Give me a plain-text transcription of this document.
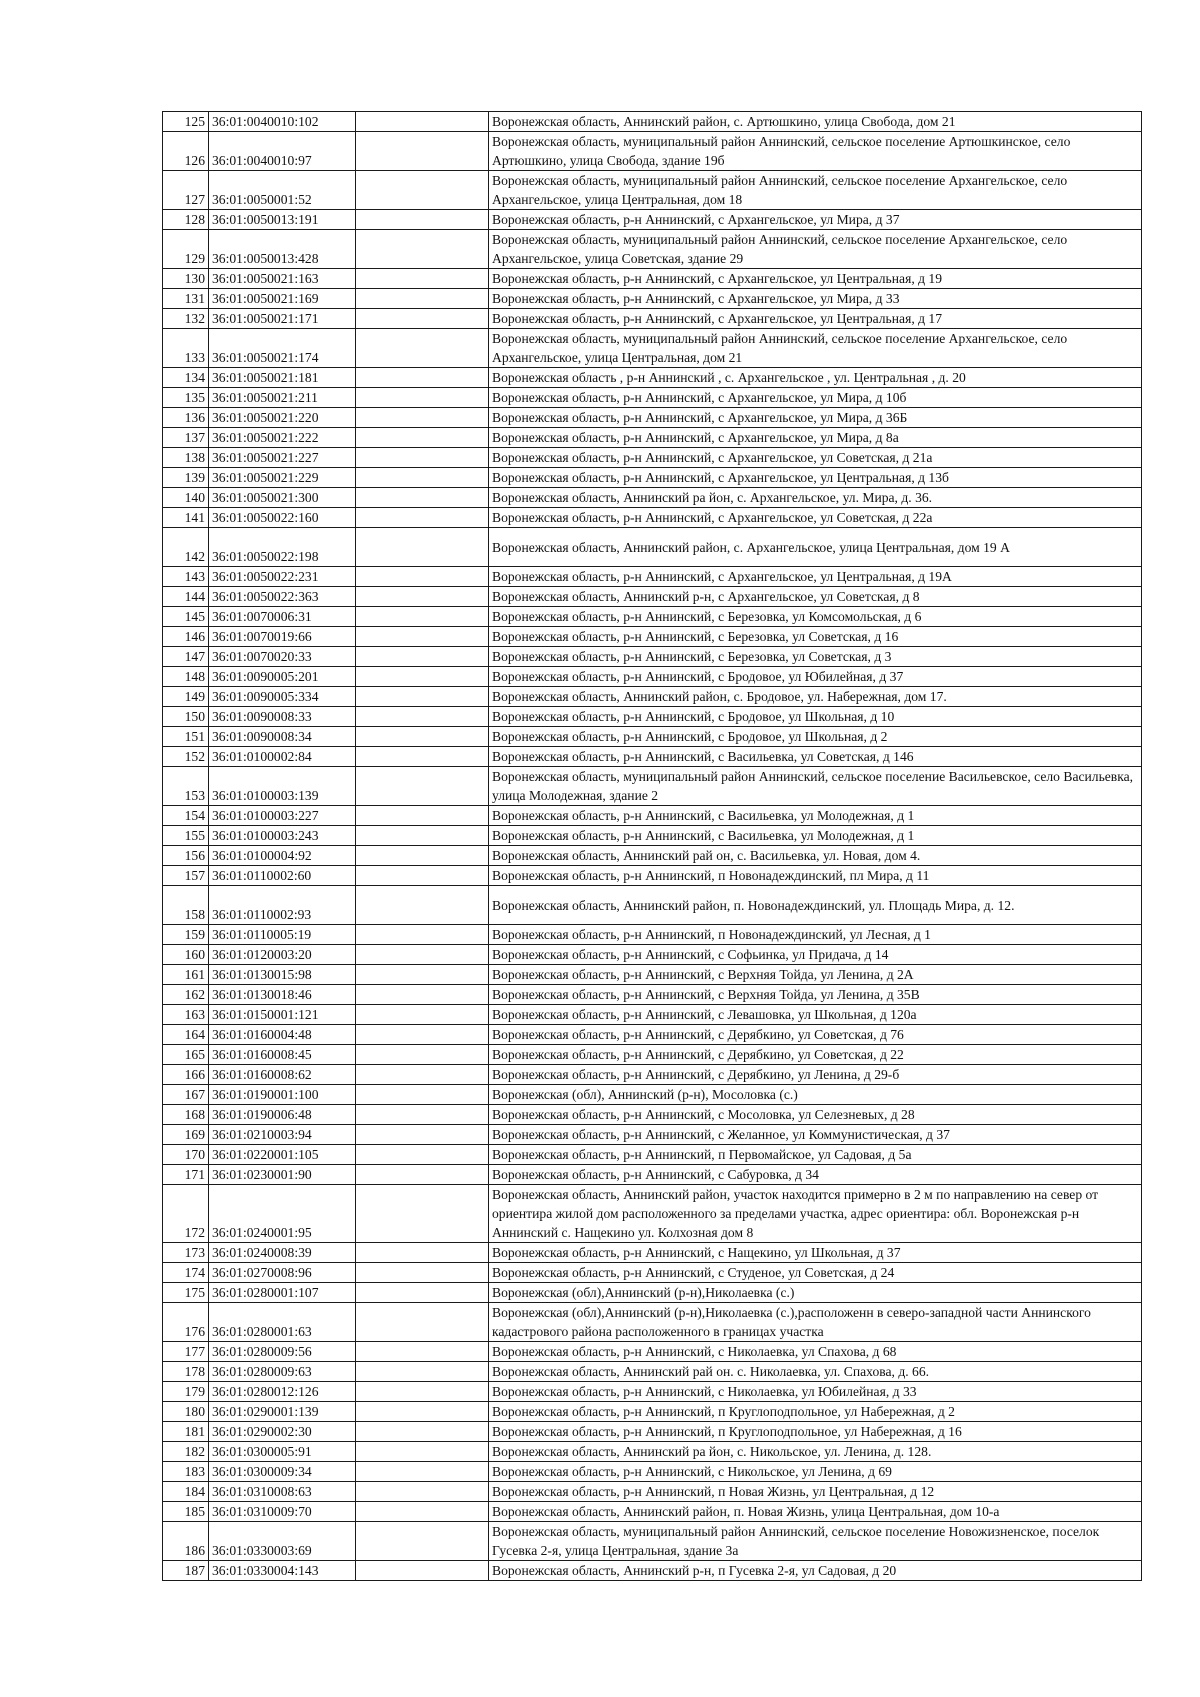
125	36:01:0040010:102		Воронежская область, Аннинский район, с. Артюшкино, улица Свобода, дом 21
126	36:01:0040010:97		Воронежская область, муниципальный район Аннинский, сельское поселение Артюшкинское, село Артюшкино, улица Свобода, здание 19б
127	36:01:0050001:52		Воронежская область, муниципальный район Аннинский, сельское поселение Архангельское, село Архангельское, улица Центральная, дом 18
128	36:01:0050013:191		Воронежская область, р-н Аннинский, с Архангельское, ул Мира, д 37
129	36:01:0050013:428		Воронежская область, муниципальный район Аннинский, сельское поселение Архангельское, село Архангельское, улица Советская, здание 29
130	36:01:0050021:163		Воронежская область, р-н Аннинский, с Архангельское, ул Центральная, д 19
131	36:01:0050021:169		Воронежская область, р-н Аннинский, с Архангельское, ул Мира, д 33
132	36:01:0050021:171		Воронежская область, р-н Аннинский, с Архангельское, ул Центральная, д 17
133	36:01:0050021:174		Воронежская область, муниципальный район Аннинский, сельское поселение Архангельское, село Архангельское, улица Центральная, дом 21
134	36:01:0050021:181		Воронежская область , р-н Аннинский , с. Архангельское , ул. Центральная , д. 20
135	36:01:0050021:211		Воронежская область, р-н Аннинский, с Архангельское, ул Мира, д 10б
136	36:01:0050021:220		Воронежская область, р-н Аннинский, с Архангельское, ул Мира, д 36Б
137	36:01:0050021:222		Воронежская область, р-н Аннинский, с Архангельское, ул Мира, д 8а
138	36:01:0050021:227		Воронежская область, р-н Аннинский, с Архангельское, ул Советская, д 21а
139	36:01:0050021:229		Воронежская область, р-н Аннинский, с Архангельское, ул Центральная, д 13б
140	36:01:0050021:300		Воронежская область, Аннинский ра йон, с. Архангельское, ул. Мира, д. 36.
141	36:01:0050022:160		Воронежская область, р-н Аннинский, с Архангельское, ул Советская, д 22а
142	36:01:0050022:198		Воронежская область, Аннинский район, с. Архангельское, улица Центральная, дом 19 А
143	36:01:0050022:231		Воронежская область, р-н Аннинский, с Архангельское, ул Центральная, д 19А
144	36:01:0050022:363		Воронежская область, Аннинский р-н, с Архангельское, ул Советская, д 8
145	36:01:0070006:31		Воронежская область, р-н Аннинский, с Березовка, ул Комсомольская, д 6
146	36:01:0070019:66		Воронежская область, р-н Аннинский, с Березовка, ул Советская, д 16
147	36:01:0070020:33		Воронежская область, р-н Аннинский, с Березовка, ул Советская, д 3
148	36:01:0090005:201		Воронежская область, р-н Аннинский, с Бродовое, ул Юбилейная, д 37
149	36:01:0090005:334		Воронежская область, Аннинский район, с. Бродовое, ул. Набережная, дом 17.
150	36:01:0090008:33		Воронежская область, р-н Аннинский, с Бродовое, ул Школьная, д 10
151	36:01:0090008:34		Воронежская область, р-н Аннинский, с Бродовое, ул Школьная, д 2
152	36:01:0100002:84		Воронежская область, р-н Аннинский, с Васильевка, ул Советская, д 146
153	36:01:0100003:139		Воронежская область, муниципальный район Аннинский, сельское поселение Васильевское, село Васильевка, улица Молодежная, здание 2
154	36:01:0100003:227		Воронежская область, р-н Аннинский, с Васильевка, ул Молодежная, д 1
155	36:01:0100003:243		Воронежская область, р-н Аннинский, с Васильевка, ул Молодежная, д 1
156	36:01:0100004:92		Воронежская область, Аннинский рай он, с. Васильевка, ул. Новая, дом 4.
157	36:01:0110002:60		Воронежская область, р-н Аннинский, п Новонадеждинский, пл Мира, д 11
158	36:01:0110002:93		Воронежская область, Аннинский район, п. Новонадеждинский, ул. Площадь Мира, д. 12.
159	36:01:0110005:19		Воронежская область, р-н Аннинский, п Новонадеждинский, ул Лесная, д 1
160	36:01:0120003:20		Воронежская область, р-н Аннинский, с Софьинка, ул Придача, д 14
161	36:01:0130015:98		Воронежская область, р-н Аннинский, с Верхняя Тойда, ул Ленина, д 2А
162	36:01:0130018:46		Воронежская область, р-н Аннинский, с Верхняя Тойда, ул Ленина, д 35В
163	36:01:0150001:121		Воронежская область, р-н Аннинский, с Левашовка, ул Школьная, д 120а
164	36:01:0160004:48		Воронежская область, р-н Аннинский, с Дерябкино, ул Советская, д 76
165	36:01:0160008:45		Воронежская область, р-н Аннинский, с Дерябкино, ул Советская, д 22
166	36:01:0160008:62		Воронежская область, р-н Аннинский, с Дерябкино, ул Ленина, д 29-б
167	36:01:0190001:100		Воронежская (обл), Аннинский (р-н), Мосоловка (с.)
168	36:01:0190006:48		Воронежская область, р-н Аннинский, с Мосоловка, ул Селезневых, д 28
169	36:01:0210003:94		Воронежская область, р-н Аннинский, с Желанное, ул Коммунистическая, д 37
170	36:01:0220001:105		Воронежская область, р-н Аннинский, п Первомайское, ул Садовая, д 5а
171	36:01:0230001:90		Воронежская область, р-н Аннинский, с Сабуровка, д 34
172	36:01:0240001:95		Воронежская область, Аннинский район, участок находится примерно в 2 м по направлению на север от ориентира жилой дом расположенного за пределами участка, адрес ориентира: обл. Воронежская р-н Аннинский с. Нащекино ул. Колхозная дом 8
173	36:01:0240008:39		Воронежская область, р-н Аннинский, с Нащекино, ул Школьная, д 37
174	36:01:0270008:96		Воронежская область, р-н Аннинский, с Студеное, ул Советская, д 24
175	36:01:0280001:107		Воронежская (обл),Аннинский (р-н),Николаевка (с.)
176	36:01:0280001:63		Воронежская (обл),Аннинский (р-н),Николаевка (с.),расположенн в северо-западной части Аннинского кадастрового района расположенного в границах участка
177	36:01:0280009:56		Воронежская область, р-н Аннинский, с Николаевка, ул Спахова, д 68
178	36:01:0280009:63		Воронежская область, Аннинский рай он. с. Николаевка, ул. Спахова, д. 66.
179	36:01:0280012:126		Воронежская область, р-н Аннинский, с Николаевка, ул Юбилейная, д 33
180	36:01:0290001:139		Воронежская область, р-н Аннинский, п Круглоподпольное, ул Набережная, д 2
181	36:01:0290002:30		Воронежская область, р-н Аннинский, п Круглоподпольное, ул Набережная, д 16
182	36:01:0300005:91		Воронежская область, Аннинский ра йон, с. Никольское, ул. Ленина, д. 128.
183	36:01:0300009:34		Воронежская область, р-н Аннинский, с Никольское, ул Ленина, д 69
184	36:01:0310008:63		Воронежская область, р-н Аннинский, п Новая Жизнь, ул Центральная, д 12
185	36:01:0310009:70		Воронежская область, Аннинский район, п. Новая Жизнь, улица Центральная, дом 10-а
186	36:01:0330003:69		Воронежская область, муниципальный район Аннинский, сельское поселение Новожизненское, поселок Гусевка 2-я, улица Центральная, здание 3а
187	36:01:0330004:143		Воронежская область, Аннинский р-н, п Гусевка 2-я, ул Садовая, д 20
